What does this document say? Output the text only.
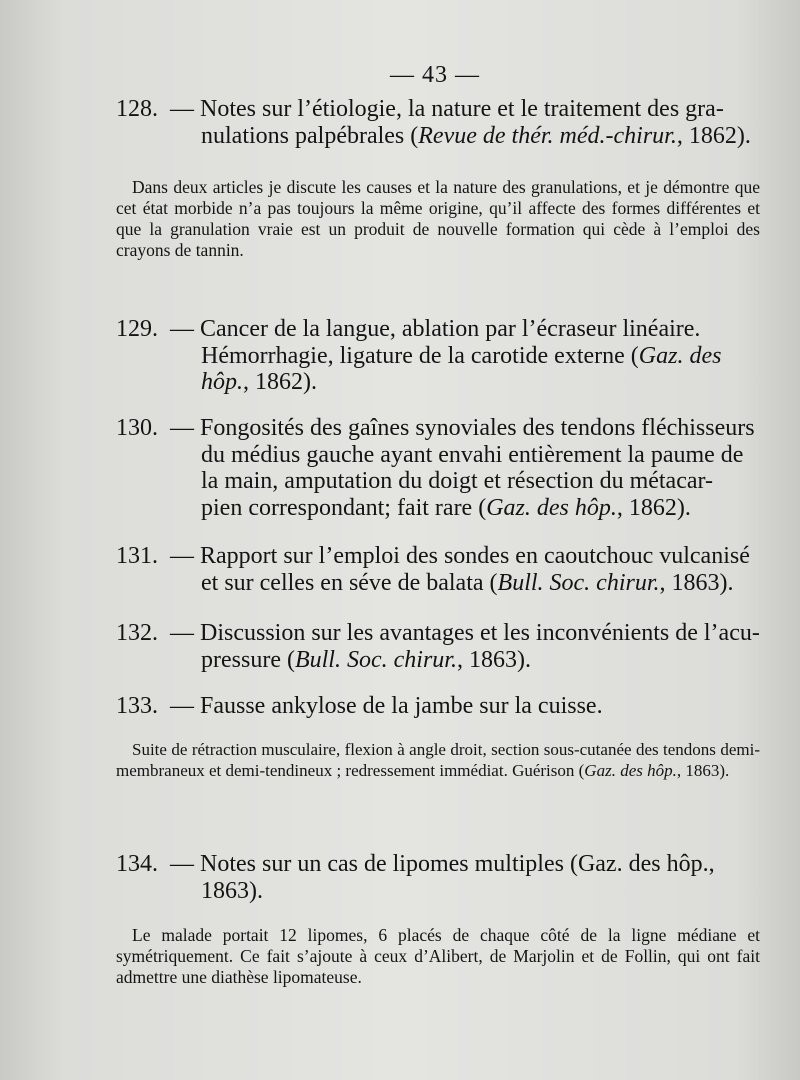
— 43 —
128. — Notes sur l’étiologie, la nature et le traitement des gra-
nulations palpébrales (Revue de thér. méd.-chirur., 1862).
Dans deux articles je discute les causes et la nature des granulations, et je démontre que cet état morbide n’a pas toujours la même origine, qu’il affecte des formes différentes et que la granulation vraie est un produit de nouvelle formation qui cède à l’emploi des crayons de tannin.
129. — Cancer de la langue, ablation par l’écraseur linéaire.
Hémorrhagie, ligature de la carotide externe (Gaz. des
hôp., 1862).
130. — Fongosités des gaînes synoviales des tendons fléchisseurs
du médius gauche ayant envahi entièrement la paume de
la main, amputation du doigt et résection du métacar-
pien correspondant; fait rare (Gaz. des hôp., 1862).
131. — Rapport sur l’emploi des sondes en caoutchouc vulcanisé
et sur celles en séve de balata (Bull. Soc. chirur., 1863).
132. — Discussion sur les avantages et les inconvénients de l’acu-
pressure (Bull. Soc. chirur., 1863).
133. — Fausse ankylose de la jambe sur la cuisse.
Suite de rétraction musculaire, flexion à angle droit, section sous-cutanée des tendons demi-membraneux et demi-tendineux ; redressement immédiat. Guérison (Gaz. des hôp., 1863).
134. — Notes sur un cas de lipomes multiples (Gaz. des hôp.,
1863).
Le malade portait 12 lipomes, 6 placés de chaque côté de la ligne médiane et symétriquement. Ce fait s’ajoute à ceux d’Alibert, de Marjolin et de Follin, qui ont fait admettre une diathèse lipomateuse.
